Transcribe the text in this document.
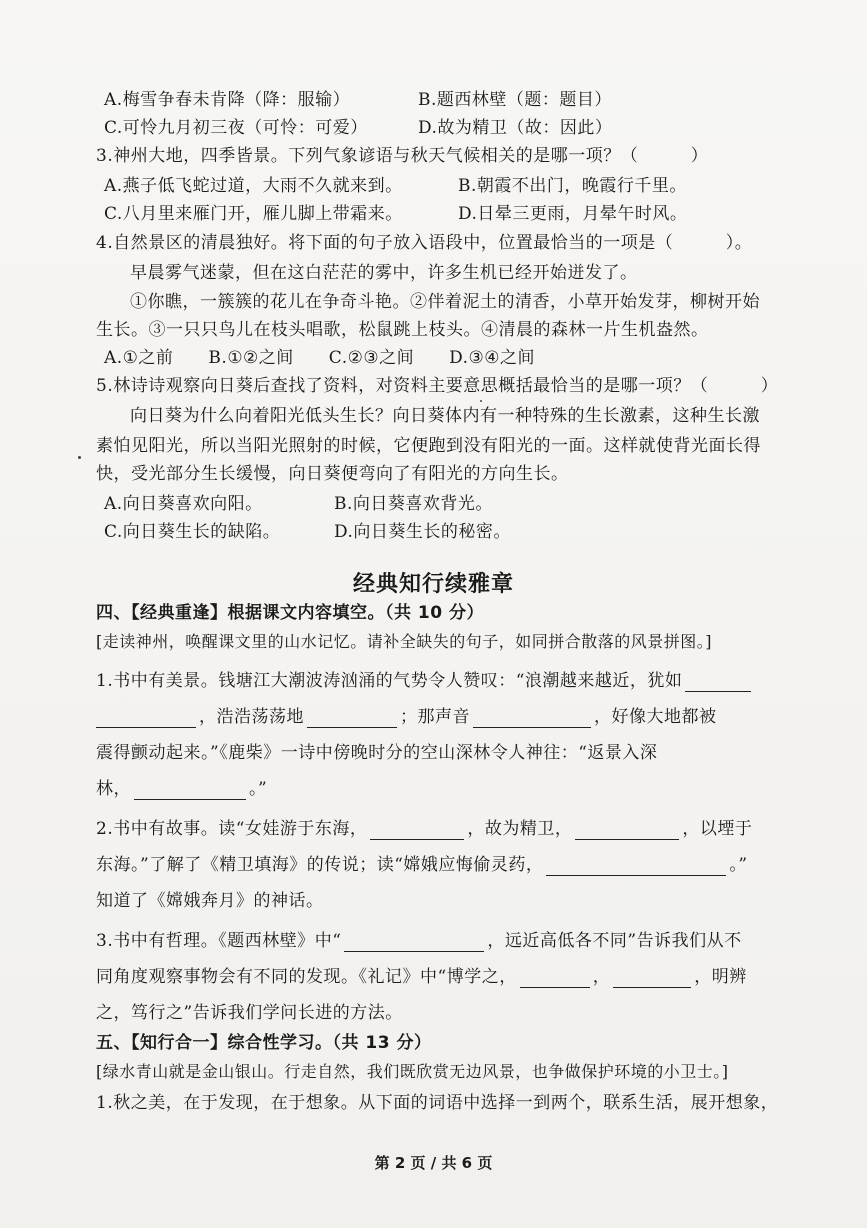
A.梅雪争春未肯降（降：服输）	B.题西林壁（题：题目）
C.可怜九月初三夜（可怜：可爱）	D.故为精卫（故：因此）
3.神州大地，四季皆景。下列气象谚语与秋天气候相关的是哪一项？（　　　）
A.燕子低飞蛇过道，大雨不久就来到。	B.朝霞不出门，晚霞行千里。
C.八月里来雁门开，雁儿脚上带霜来。	D.日晕三更雨，月晕午时风。
4.自然景区的清晨独好。将下面的句子放入语段中，位置最恰当的一项是（　　　）。
早晨雾气迷蒙，但在这白茫茫的雾中，许多生机已经开始迸发了。
①你瞧，一簇簇的花儿在争奇斗艳。②伴着泥土的清香，小草开始发芽，柳树开始
生长。③一只只鸟儿在枝头唱歌，松鼠跳上枝头。④清晨的森林一片生机盎然。
A.①之前　　B.①②之间　　C.②③之间　　D.③④之间
5.林诗诗观察向日葵后查找了资料，对资料主要意思概括最恰当的是哪一项？（　　　）
向日葵为什么向着阳光低头生长？向日葵体内有一种特殊的生长激素，这种生长激
素怕见阳光，所以当阳光照射的时候，它便跑到没有阳光的一面。这样就使背光面长得
快，受光部分生长缓慢，向日葵便弯向了有阳光的方向生长。
A.向日葵喜欢向阳。	B.向日葵喜欢背光。
C.向日葵生长的缺陷。	D.向日葵生长的秘密。
经典知行续雅章
四、【经典重逢】根据课文内容填空。（共 10 分）
[走读神州，唤醒课文里的山水记忆。请补全缺失的句子，如同拼合散落的风景拼图。]
1.书中有美景。钱塘江大潮波涛汹涌的气势令人赞叹：“浪潮越来越近，犹如
，浩浩荡荡地	；那声音	，好像大地都被
震得颤动起来。”《鹿柴》一诗中傍晚时分的空山深林令人神往：“返景入深
林，	。”
2.书中有故事。读“女娃游于东海，	，故为精卫，	，以堙于
东海。”了解了《精卫填海》的传说；读“嫦娥应悔偷灵药，	。”
知道了《嫦娥奔月》的神话。
3.书中有哲理。《题西林壁》中“	，远近高低各不同”告诉我们从不
同角度观察事物会有不同的发现。《礼记》中“博学之，	，	，明辨
之，笃行之”告诉我们学问长进的方法。
五、【知行合一】综合性学习。（共 13 分）
[绿水青山就是金山银山。行走自然，我们既欣赏无边风景，也争做保护环境的小卫士。]
1.秋之美，在于发现，在于想象。从下面的词语中选择一到两个，联系生活，展开想象，
第 2 页 / 共 6 页
